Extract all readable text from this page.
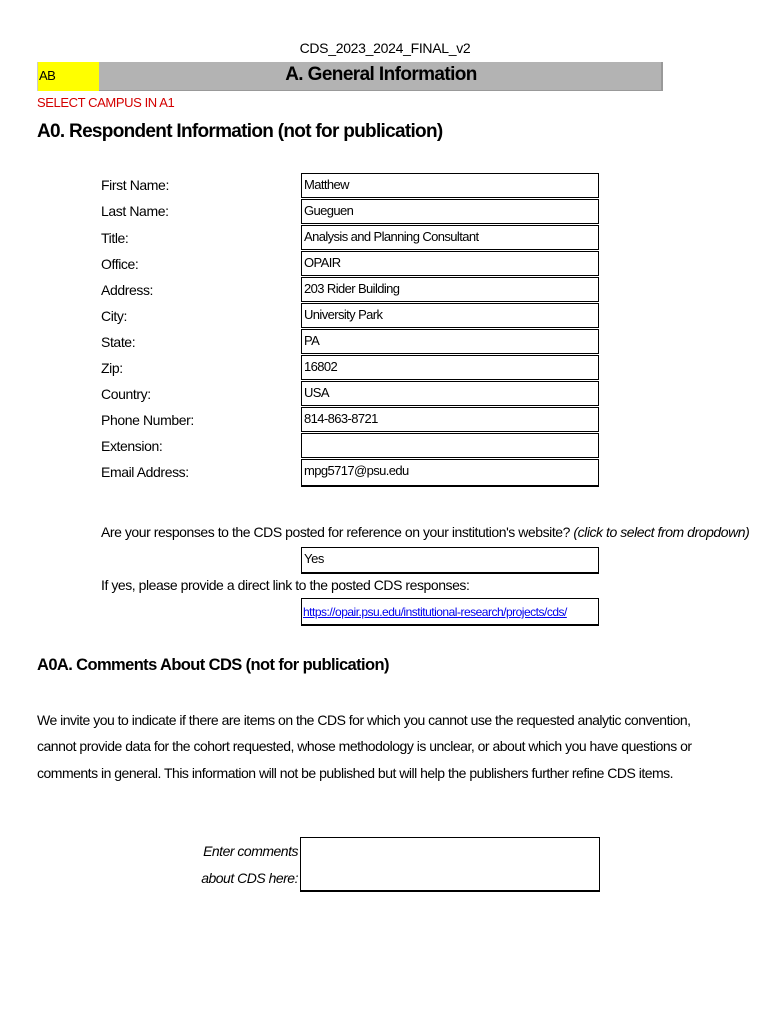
CDS_2023_2024_FINAL_v2
AB	A. General Information
SELECT CAMPUS IN A1
A0. Respondent Information (not for publication)
First Name:	Matthew
Last Name:	Gueguen
Title:	Analysis and Planning Consultant
Office:	OPAIR
Address:	203 Rider Building
City:	University Park
State:	PA
Zip:	16802
Country:	USA
Phone Number:	814-863-8721
Extension:
Email Address:	mpg5717@psu.edu
Are your responses to the CDS posted for reference on your institution's website? (click to select from dropdown)
Yes
If yes, please provide a direct link to the posted CDS responses:
https://opair.psu.edu/institutional-research/projects/cds/
A0A. Comments About CDS (not for publication)
We invite you to indicate if there are items on the CDS for which you cannot use the requested analytic convention,
cannot provide data for the cohort requested, whose methodology is unclear, or about which you have questions or
comments in general. This information will not be published but will help the publishers further refine CDS items.
Enter comments
about CDS here:
